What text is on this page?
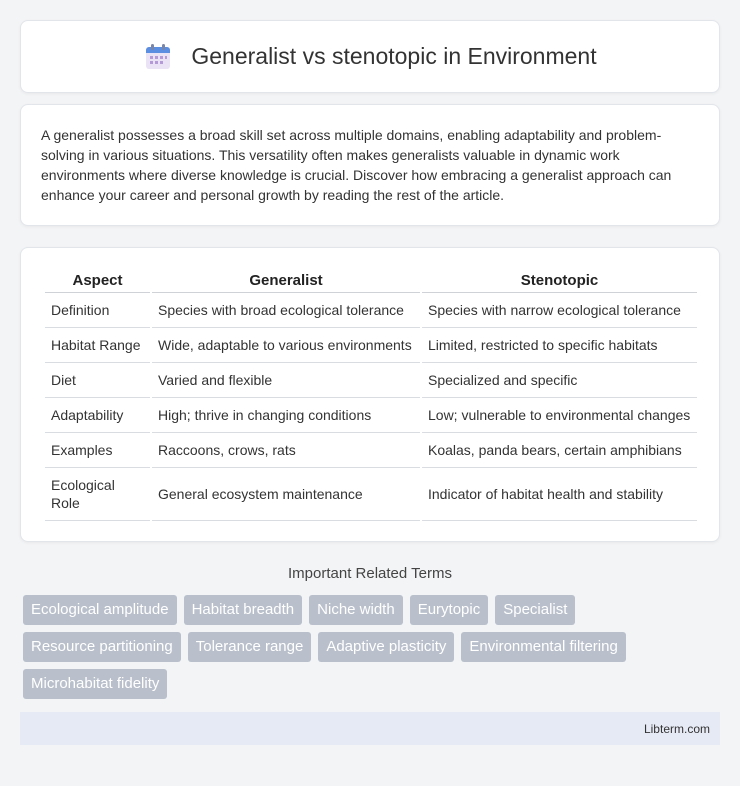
Generalist vs stenotopic in Environment

A generalist possesses a broad skill set across multiple domains, enabling adaptability and problem-solving in various situations. This versatility often makes generalists valuable in dynamic work environments where diverse knowledge is crucial. Discover how embracing a generalist approach can enhance your career and personal growth by reading the rest of the article.

Aspect	Generalist	Stenotopic
Definition	Species with broad ecological tolerance	Species with narrow ecological tolerance
Habitat Range	Wide, adaptable to various environments	Limited, restricted to specific habitats
Diet	Varied and flexible	Specialized and specific
Adaptability	High; thrive in changing conditions	Low; vulnerable to environmental changes
Examples	Raccoons, crows, rats	Koalas, panda bears, certain amphibians
Ecological Role	General ecosystem maintenance	Indicator of habitat health and stability
Important Related Terms
Ecological amplitude	Habitat breadth	Niche width	Eurytopic	Specialist
Resource partitioning	Tolerance range	Adaptive plasticity	Environmental filtering
Microhabitat fidelity
Libterm.com
